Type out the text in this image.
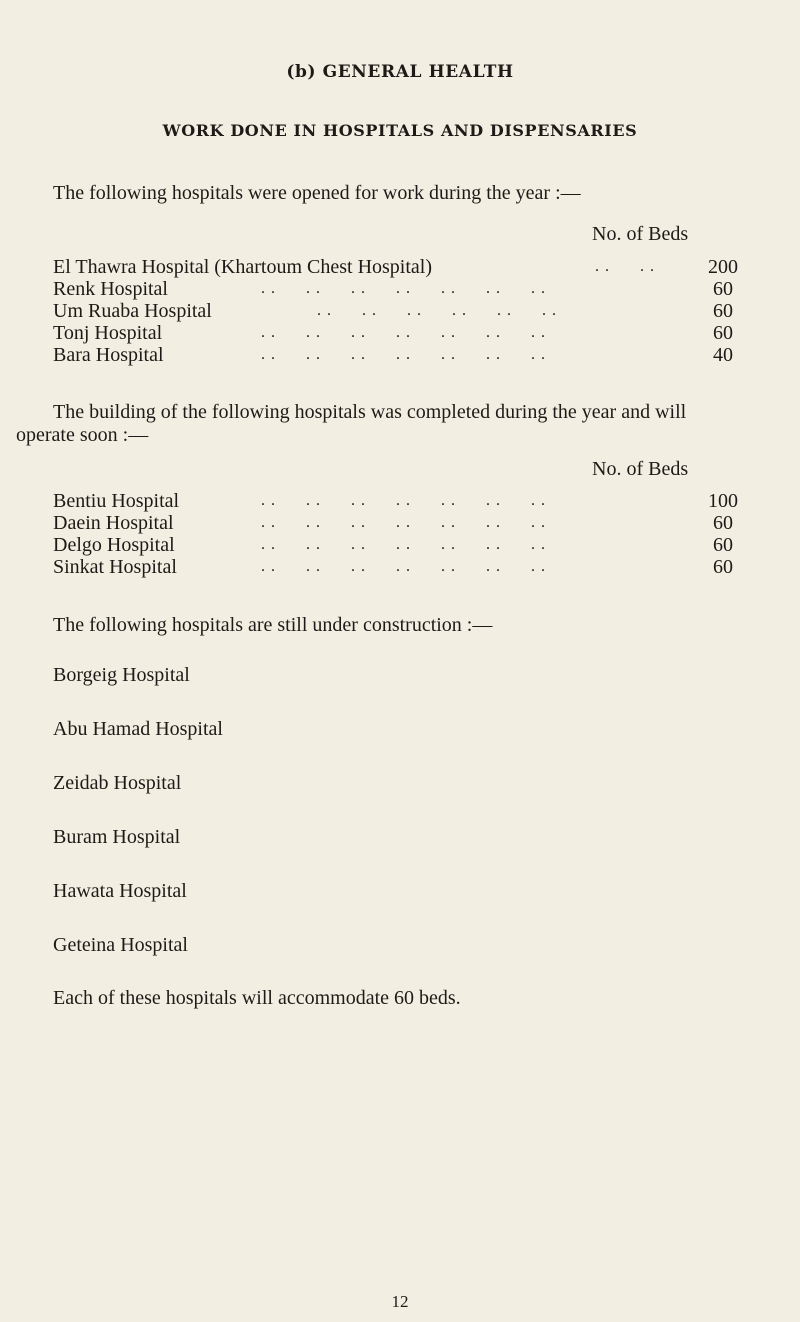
(b) GENERAL HEALTH
WORK DONE IN HOSPITALS AND DISPENSARIES
The following hospitals were opened for work during the year :—
No. of Beds
El Thawra Hospital (Khartoum Chest Hospital)	. .      . .	200
Renk Hospital	. .      . .      . .      . .      . .      . .      . .	60
Um Ruaba Hospital	. .      . .      . .      . .      . .      . .	60
Tonj Hospital	. .      . .      . .      . .      . .      . .      . .	60
Bara Hospital	. .      . .      . .      . .      . .      . .      . .	40
The building of the following hospitals was completed during the year and will
operate soon :—
No. of Beds
Bentiu Hospital	. .      . .      . .      . .      . .      . .      . .	100
Daein Hospital	. .      . .      . .      . .      . .      . .      . .	60
Delgo Hospital	. .      . .      . .      . .      . .      . .      . .	60
Sinkat Hospital	. .      . .      . .      . .      . .      . .      . .	60
The following hospitals are still under construction :—
Borgeig Hospital
Abu Hamad Hospital
Zeidab Hospital
Buram Hospital
Hawata Hospital
Geteina Hospital
Each of these hospitals will accommodate 60 beds.
12
